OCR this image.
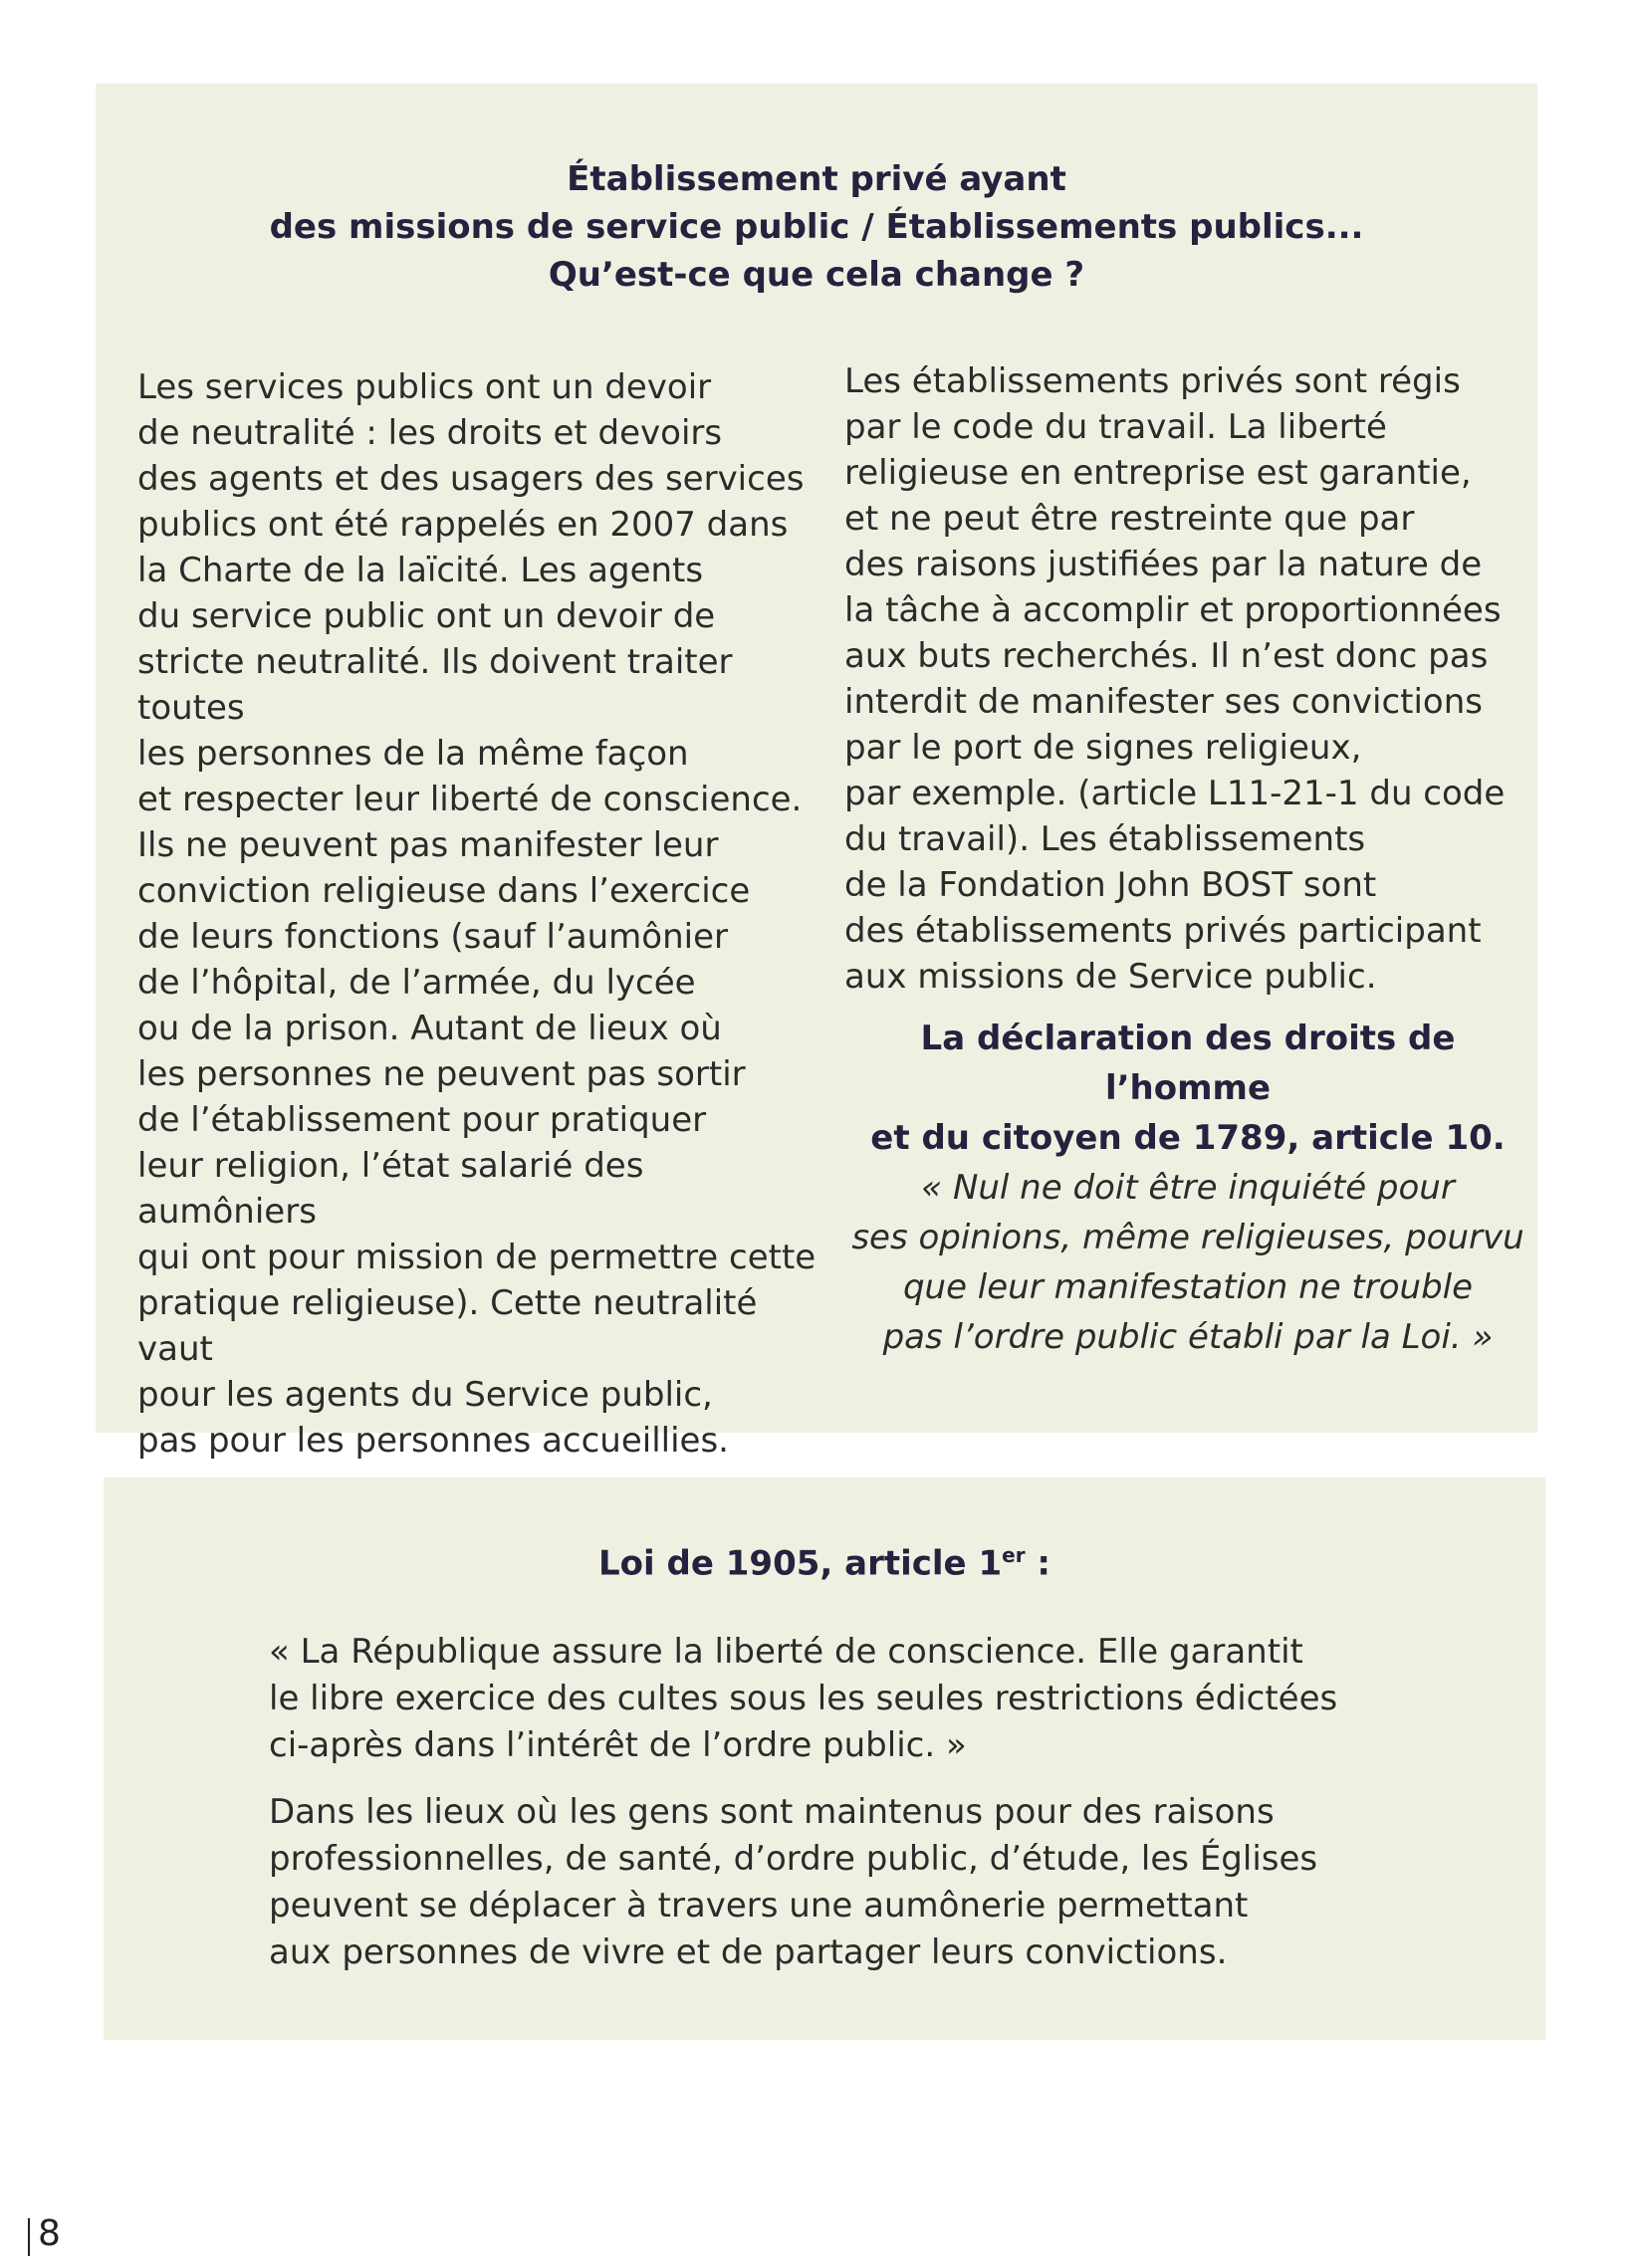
Établissement privé ayant
des missions de service public / Établissements publics...
Qu’est-ce que cela change ?

Les services publics ont un devoir
de neutralité : les droits et devoirs
des agents et des usagers des services
publics ont été rappelés en 2007 dans
la Charte de la laïcité. Les agents
du service public ont un devoir de
stricte neutralité. Ils doivent traiter toutes
les personnes de la même façon
et respecter leur liberté de conscience.
Ils ne peuvent pas manifester leur
conviction religieuse dans l’exercice
de leurs fonctions (sauf l’aumônier
de l’hôpital, de l’armée, du lycée
ou de la prison. Autant de lieux où
les personnes ne peuvent pas sortir
de l’établissement pour pratiquer
leur religion, l’état salarié des aumôniers
qui ont pour mission de permettre cette
pratique religieuse). Cette neutralité vaut
pour les agents du Service public,
pas pour les personnes accueillies.

Les établissements privés sont régis
par le code du travail. La liberté
religieuse en entreprise est garantie,
et ne peut être restreinte que par
des raisons justifiées par la nature de
la tâche à accomplir et proportionnées
aux buts recherchés. Il n’est donc pas
interdit de manifester ses convictions
par le port de signes religieux,
par exemple. (article L11-21-1 du code
du travail). Les établissements
de la Fondation John BOST sont
des établissements privés participant
aux missions de Service public.

La déclaration des droits de l’homme
et du citoyen de 1789, article 10.
« Nul ne doit être inquiété pour
ses opinions, même religieuses, pourvu
que leur manifestation ne trouble
pas l’ordre public établi par la Loi. »
Loi de 1905, article 1er :

« La République assure la liberté de conscience. Elle garantit
le libre exercice des cultes sous les seules restrictions édictées
ci-après dans l’intérêt de l’ordre public. »

Dans les lieux où les gens sont maintenus pour des raisons
professionnelles, de santé, d’ordre public, d’étude, les Églises
peuvent se déplacer à travers une aumônerie permettant
aux personnes de vivre et de partager leurs convictions.

8
